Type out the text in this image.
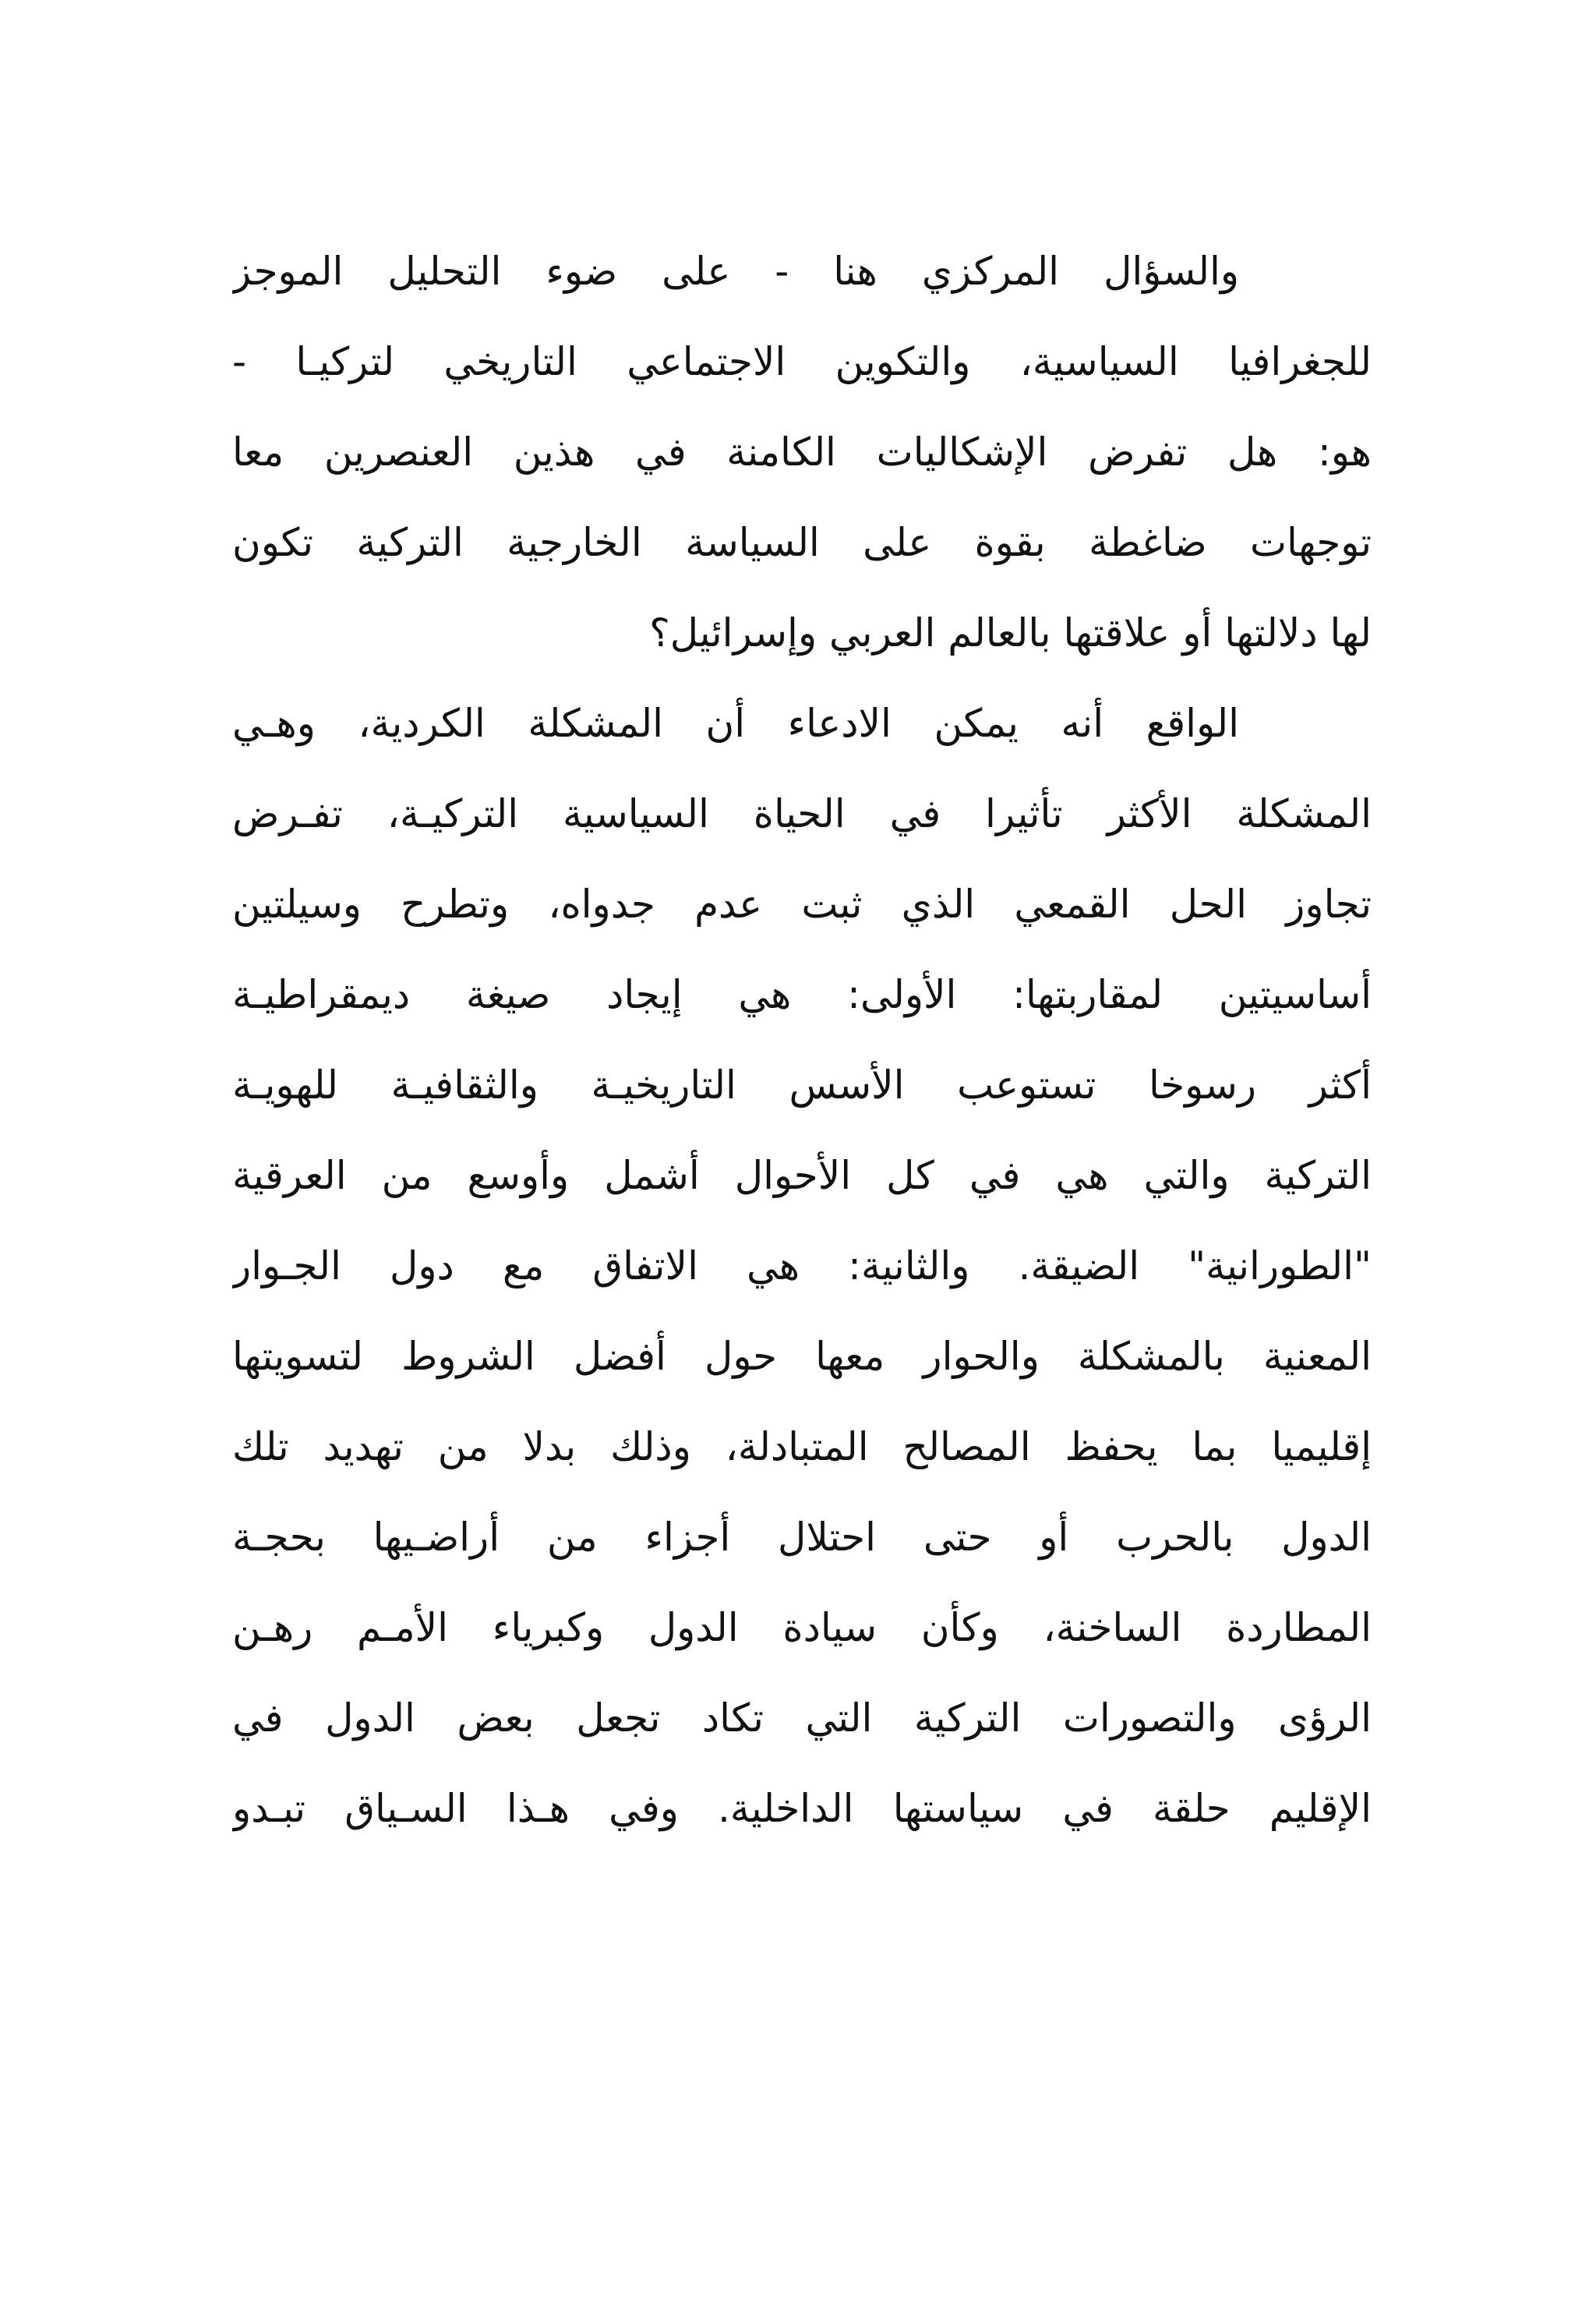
والسؤال المركزي هنا - على ضوء التحليل الموجز
للجغرافيا السياسية، والتكوين الاجتماعي التاريخي لتركيـا -
هو: هل تفرض الإشكاليات الكامنة في هذين العنصرين معا
توجهات ضاغطة بقوة على السياسة الخارجية التركية تكون
لها دلالتها أو علاقتها بالعالم العربي وإسرائيل؟
الواقع أنه يمكن الادعاء أن المشكلة الكردية، وهـي
المشكلة الأكثر تأثيرا في الحياة السياسية التركيـة، تفـرض
تجاوز الحل القمعي الذي ثبت عدم جدواه، وتطرح وسيلتين
أساسيتين لمقاربتها: الأولى: هي إيجاد صيغة ديمقراطيـة
أكثر رسوخا تستوعب الأسس التاريخيـة والثقافيـة للهويـة
التركية والتي هي في كل الأحوال أشمل وأوسع من العرقية
"الطورانية" الضيقة. والثانية: هي الاتفاق مع دول الجـوار
المعنية بالمشكلة والحوار معها حول أفضل الشروط لتسويتها
إقليميا بما يحفظ المصالح المتبادلة، وذلك بدلا من تهديد تلك
الدول بالحرب أو حتى احتلال أجزاء من أراضـيها بحجـة
المطاردة الساخنة، وكأن سيادة الدول وكبرياء الأمـم رهـن
الرؤى والتصورات التركية التي تكاد تجعل بعض الدول في
الإقليم حلقة في سياستها الداخلية. وفي هـذا السـياق تبـدو
